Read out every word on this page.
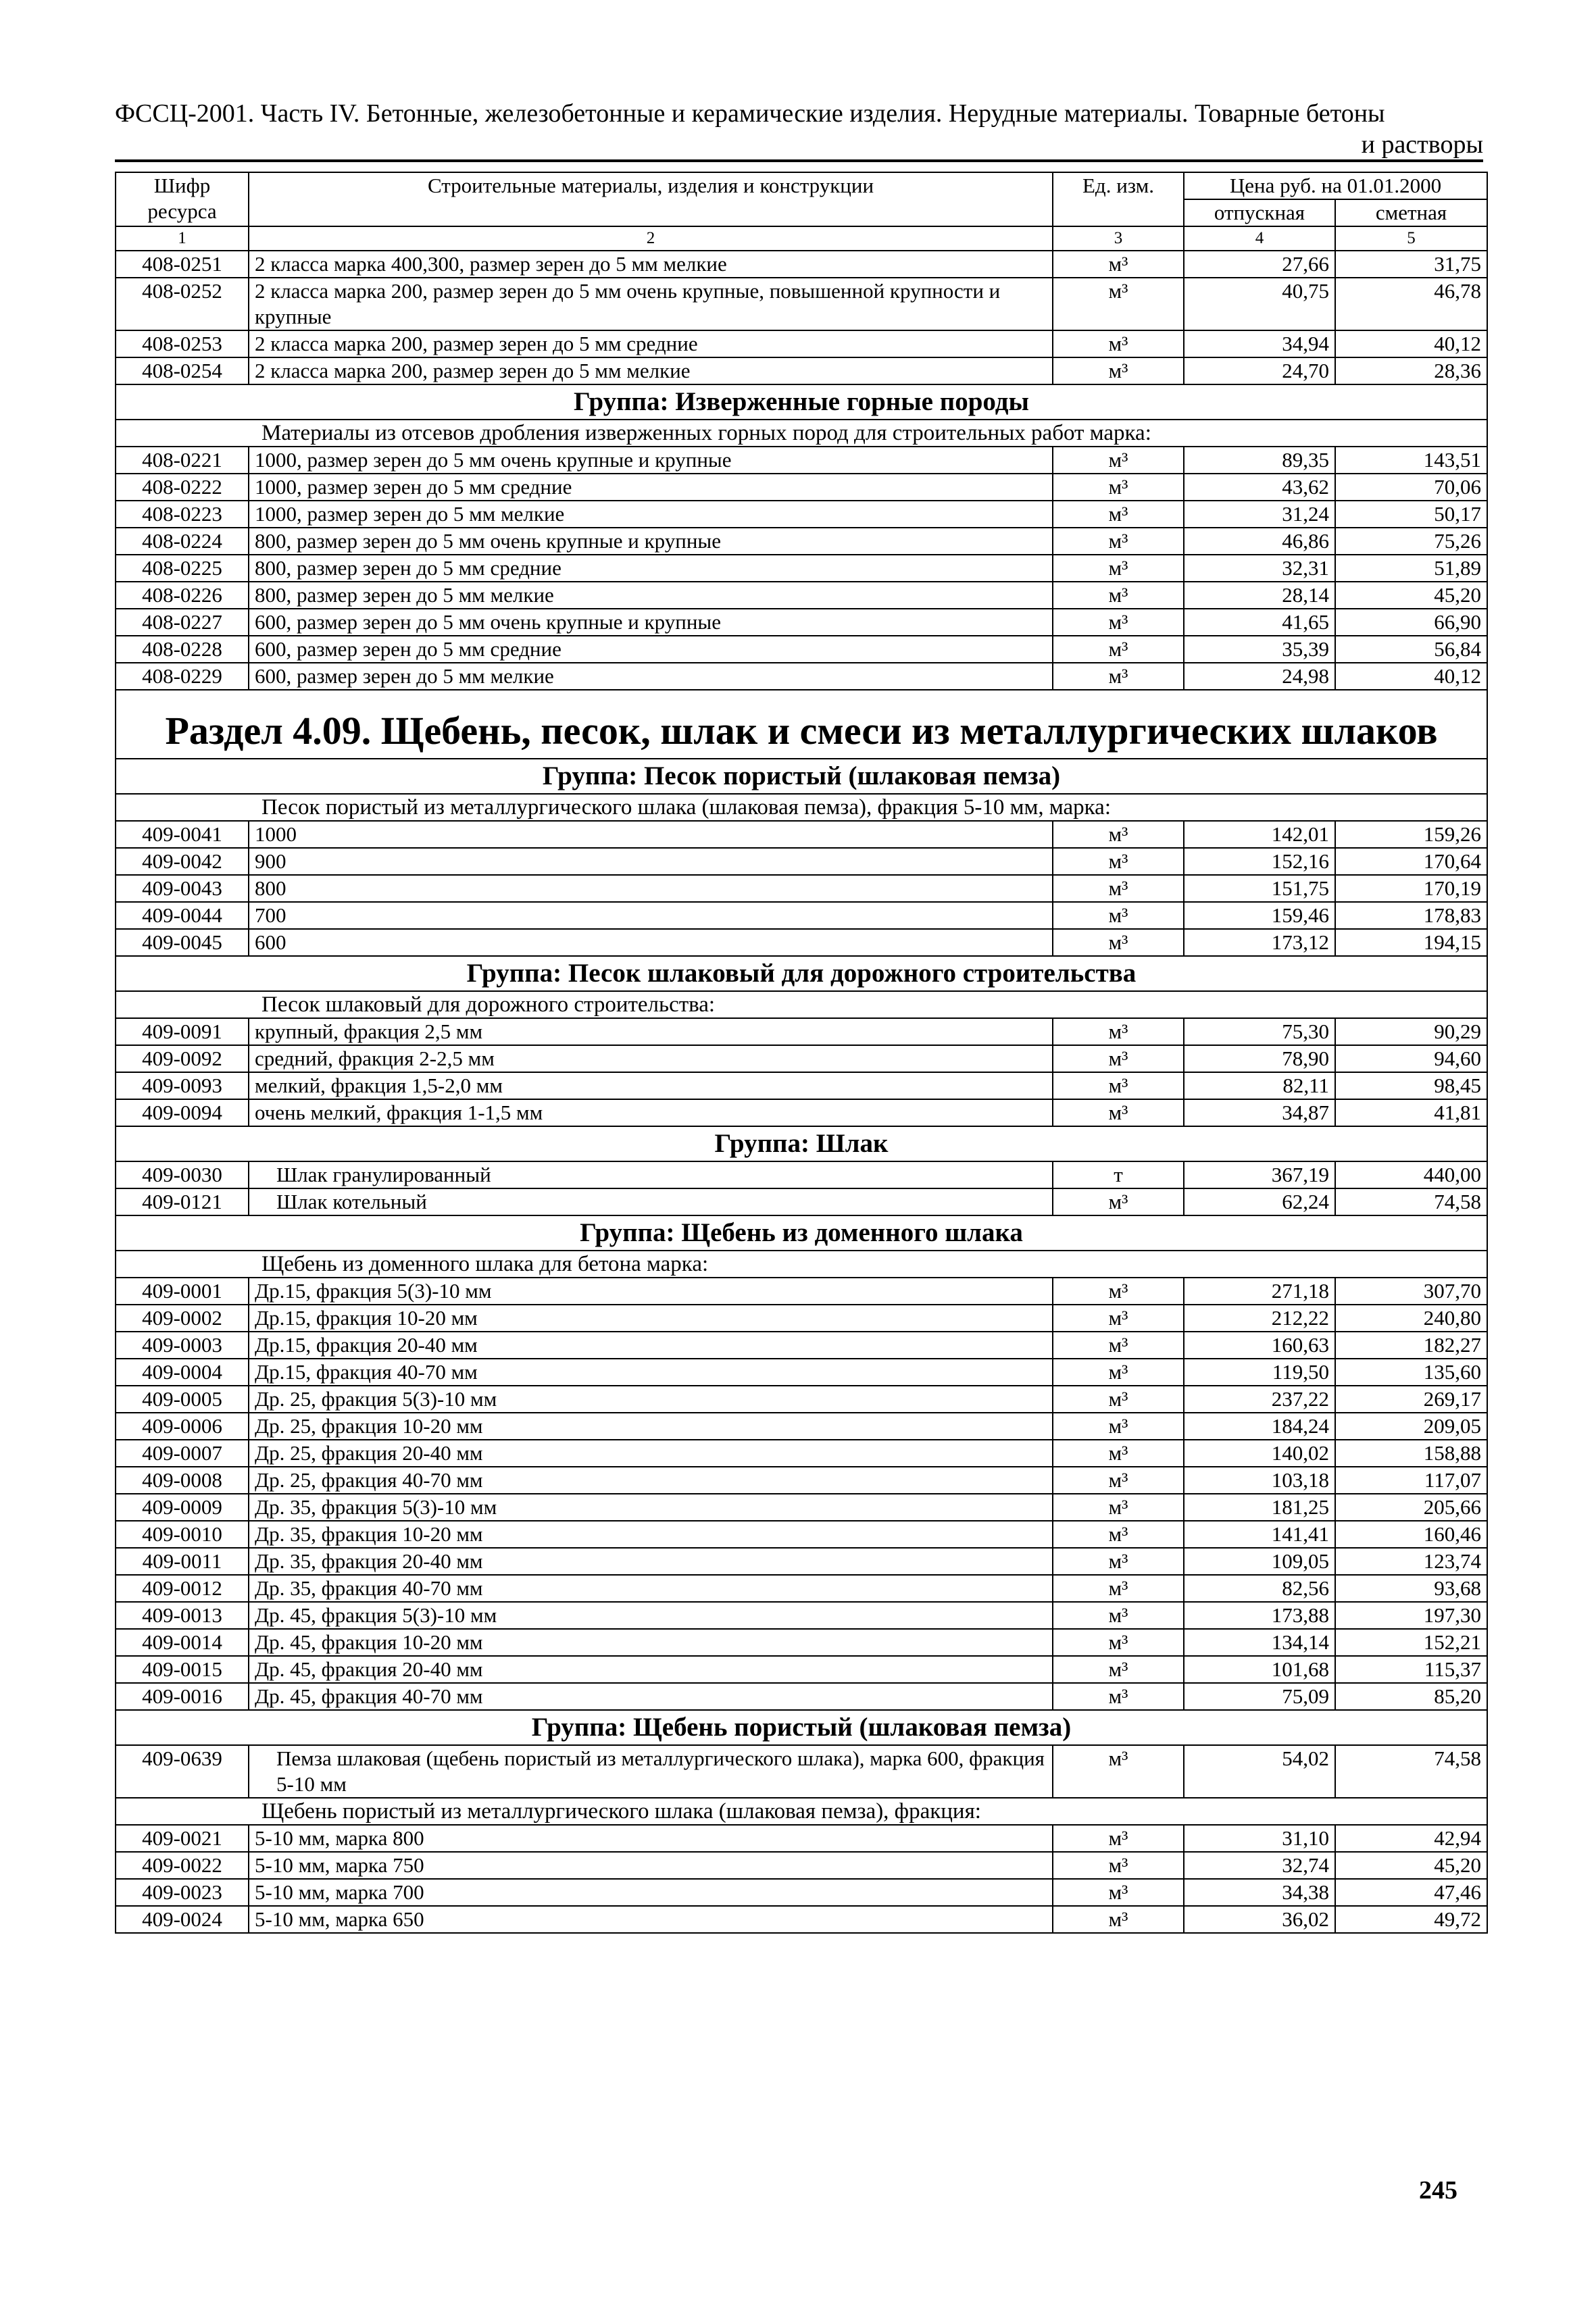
ФССЦ-2001. Часть IV. Бетонные, железобетонные и керамические изделия. Нерудные материалы. Товарные бетоны
и растворы
Шифр ресурса	Строительные материалы, изделия и конструкции	Ед. изм.	Цена руб. на 01.01.2000	
			отпускная	сметная
1	2	3	4	5
408-0251	2 класса марка 400,300, размер зерен до 5 мм мелкие	м³	27,66	31,75
408-0252	2 класса марка 200, размер зерен до 5 мм очень крупные, повышенной крупности и крупные	м³	40,75	46,78
408-0253	2 класса марка 200, размер зерен до 5 мм средние	м³	34,94	40,12
408-0254	2 класса марка 200, размер зерен до 5 мм мелкие	м³	24,70	28,36
Группа: Изверженные горные породы				
Материалы из отсевов дробления изверженных горных пород для строительных работ марка:				
408-0221	1000, размер зерен до 5 мм очень крупные и крупные	м³	89,35	143,51
408-0222	1000, размер зерен до 5 мм средние	м³	43,62	70,06
408-0223	1000, размер зерен до 5 мм мелкие	м³	31,24	50,17
408-0224	800, размер зерен до 5 мм очень крупные и крупные	м³	46,86	75,26
408-0225	800, размер зерен до 5 мм средние	м³	32,31	51,89
408-0226	800, размер зерен до 5 мм мелкие	м³	28,14	45,20
408-0227	600, размер зерен до 5 мм очень крупные и крупные	м³	41,65	66,90
408-0228	600, размер зерен до 5 мм средние	м³	35,39	56,84
408-0229	600, размер зерен до 5 мм мелкие	м³	24,98	40,12
Раздел 4.09. Щебень, песок, шлак и смеси из металлургических шлаков				
Группа: Песок пористый (шлаковая пемза)				
Песок пористый из металлургического шлака (шлаковая пемза), фракция 5-10 мм, марка:				
409-0041	1000	м³	142,01	159,26
409-0042	900	м³	152,16	170,64
409-0043	800	м³	151,75	170,19
409-0044	700	м³	159,46	178,83
409-0045	600	м³	173,12	194,15
Группа: Песок шлаковый для дорожного строительства				
Песок шлаковый для дорожного строительства:				
409-0091	крупный, фракция 2,5 мм	м³	75,30	90,29
409-0092	средний, фракция 2-2,5 мм	м³	78,90	94,60
409-0093	мелкий, фракция 1,5-2,0 мм	м³	82,11	98,45
409-0094	очень мелкий, фракция 1-1,5 мм	м³	34,87	41,81
Группа: Шлак				
409-0030	Шлак гранулированный	т	367,19	440,00
409-0121	Шлак котельный	м³	62,24	74,58
Группа: Щебень из доменного шлака				
Щебень из доменного шлака для бетона марка:				
409-0001	Др.15, фракция 5(3)-10 мм	м³	271,18	307,70
409-0002	Др.15, фракция 10-20 мм	м³	212,22	240,80
409-0003	Др.15, фракция 20-40 мм	м³	160,63	182,27
409-0004	Др.15, фракция 40-70 мм	м³	119,50	135,60
409-0005	Др. 25, фракция 5(3)-10 мм	м³	237,22	269,17
409-0006	Др. 25, фракция 10-20 мм	м³	184,24	209,05
409-0007	Др. 25, фракция 20-40 мм	м³	140,02	158,88
409-0008	Др. 25, фракция 40-70 мм	м³	103,18	117,07
409-0009	Др. 35, фракция 5(3)-10 мм	м³	181,25	205,66
409-0010	Др. 35, фракция 10-20 мм	м³	141,41	160,46
409-0011	Др. 35, фракция 20-40 мм	м³	109,05	123,74
409-0012	Др. 35, фракция 40-70 мм	м³	82,56	93,68
409-0013	Др. 45, фракция 5(3)-10 мм	м³	173,88	197,30
409-0014	Др. 45, фракция 10-20 мм	м³	134,14	152,21
409-0015	Др. 45, фракция 20-40 мм	м³	101,68	115,37
409-0016	Др. 45, фракция 40-70 мм	м³	75,09	85,20
Группа: Щебень пористый (шлаковая пемза)				
409-0639	Пемза шлаковая (щебень пористый из металлургического шлака), марка 600, фракция 5-10 мм	м³	54,02	74,58
Щебень пористый из металлургического шлака (шлаковая пемза), фракция:				
409-0021	5-10 мм, марка 800	м³	31,10	42,94
409-0022	5-10 мм, марка 750	м³	32,74	45,20
409-0023	5-10 мм, марка 700	м³	34,38	47,46
409-0024	5-10 мм, марка 650	м³	36,02	49,72
245
